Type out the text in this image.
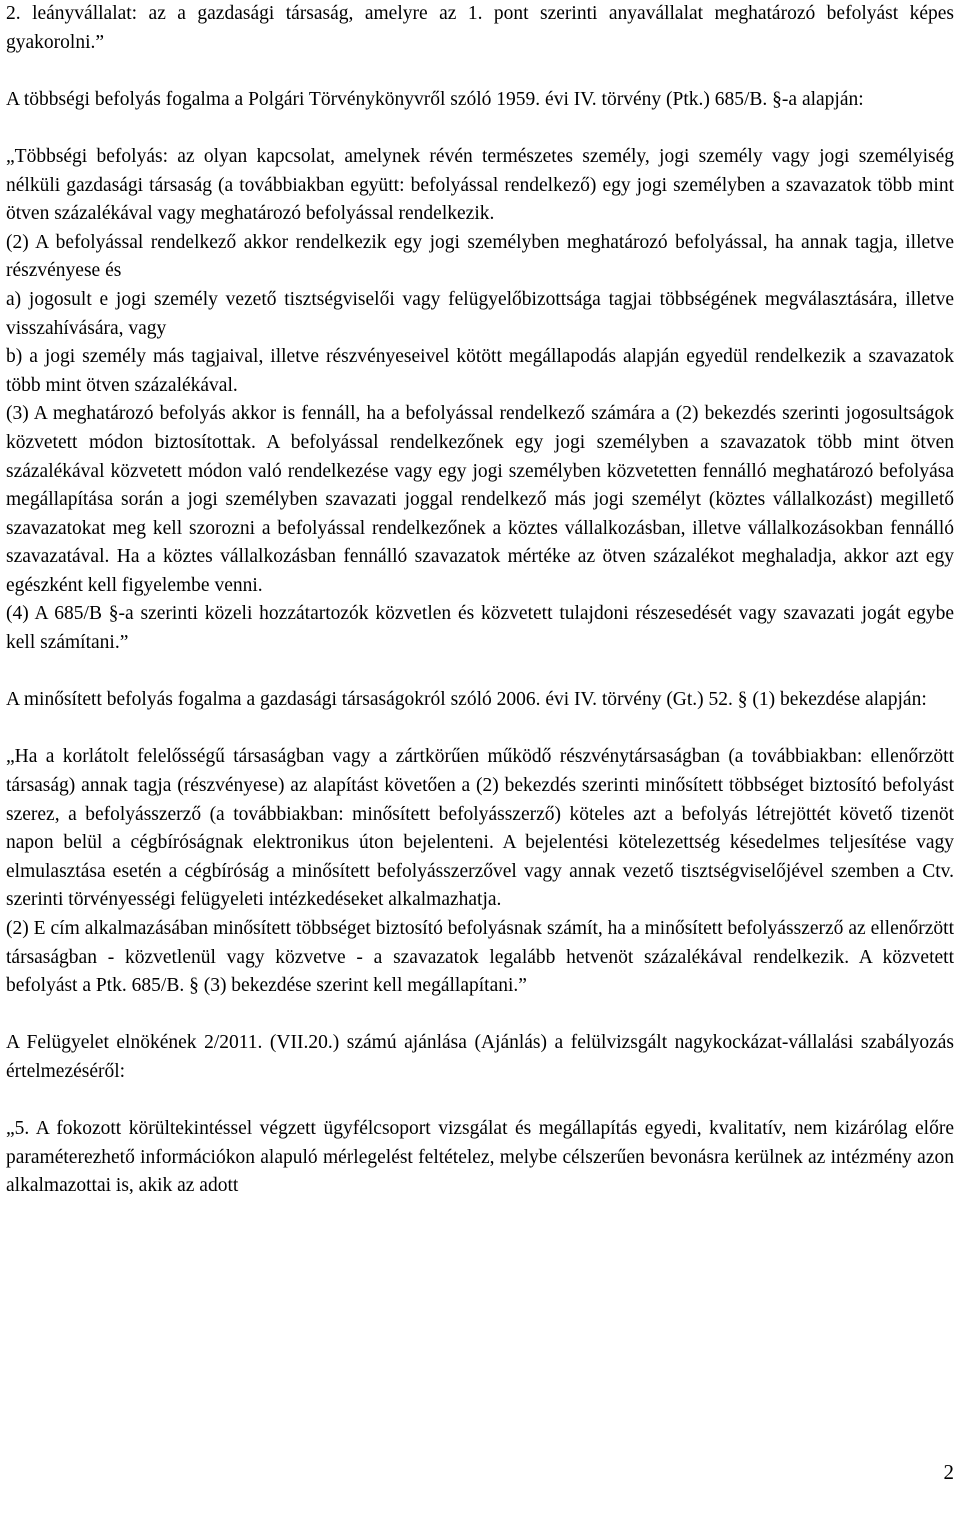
2. leányvállalat: az a gazdasági társaság, amelyre az 1. pont szerinti anyavállalat meghatározó befolyást képes gyakorolni.”

A többségi befolyás fogalma a Polgári Törvénykönyvről szóló 1959. évi IV. törvény (Ptk.) 685/B. §-a alapján:

„Többségi befolyás: az olyan kapcsolat, amelynek révén természetes személy, jogi személy vagy jogi személyiség nélküli gazdasági társaság (a továbbiakban együtt: befolyással rendelkező) egy jogi személyben a szavazatok több mint ötven százalékával vagy meghatározó befolyással rendelkezik.

(2) A befolyással rendelkező akkor rendelkezik egy jogi személyben meghatározó befolyással, ha annak tagja, illetve részvényese és

a) jogosult e jogi személy vezető tisztségviselői vagy felügyelőbizottsága tagjai többségének megválasztására, illetve visszahívására, vagy

b) a jogi személy más tagjaival, illetve részvényeseivel kötött megállapodás alapján egyedül rendelkezik a szavazatok több mint ötven százalékával.

(3) A meghatározó befolyás akkor is fennáll, ha a befolyással rendelkező számára a (2) bekezdés szerinti jogosultságok közvetett módon biztosítottak. A befolyással rendelkezőnek egy jogi személyben a szavazatok több mint ötven százalékával közvetett módon való rendelkezése vagy egy jogi személyben közvetetten fennálló meghatározó befolyása megállapítása során a jogi személyben szavazati joggal rendelkező más jogi személyt (köztes vállalkozást) megillető szavazatokat meg kell szorozni a befolyással rendelkezőnek a köztes vállalkozásban, illetve vállalkozásokban fennálló szavazatával. Ha a köztes vállalkozásban fennálló szavazatok mértéke az ötven százalékot meghaladja, akkor azt egy egészként kell figyelembe venni.

(4) A 685/B §-a szerinti közeli hozzátartozók közvetlen és közvetett tulajdoni részesedését vagy szavazati jogát egybe kell számítani.”

A minősített befolyás fogalma a gazdasági társaságokról szóló 2006. évi IV. törvény (Gt.) 52. § (1) bekezdése alapján:

„Ha a korlátolt felelősségű társaságban vagy a zártkörűen működő részvénytársaságban (a továbbiakban: ellenőrzött társaság) annak tagja (részvényese) az alapítást követően a (2) bekezdés szerinti minősített többséget biztosító befolyást szerez, a befolyásszerző (a továbbiakban: minősített befolyásszerző) köteles azt a befolyás létrejöttét követő tizenöt napon belül a cégbíróságnak elektronikus úton bejelenteni. A bejelentési kötelezettség késedelmes teljesítése vagy elmulasztása esetén a cégbíróság a minősített befolyásszerzővel vagy annak vezető tisztségviselőjével szemben a Ctv. szerinti törvényességi felügyeleti intézkedéseket alkalmazhatja.

(2) E cím alkalmazásában minősített többséget biztosító befolyásnak számít, ha a minősített befolyásszerző az ellenőrzött társaságban - közvetlenül vagy közvetve - a szavazatok legalább hetvenöt százalékával rendelkezik. A közvetett befolyást a Ptk. 685/B. § (3) bekezdése szerint kell megállapítani.”

A Felügyelet elnökének 2/2011. (VII.20.) számú ajánlása (Ajánlás) a felülvizsgált nagykockázat-vállalási szabályozás értelmezéséről:

„5. A fokozott körültekintéssel végzett ügyfélcsoport vizsgálat és megállapítás egyedi, kvalitatív, nem kizárólag előre paraméterezhető információkon alapuló mérlegelést feltételez, melybe célszerűen bevonásra kerülnek az intézmény azon alkalmazottai is, akik az adott

2
